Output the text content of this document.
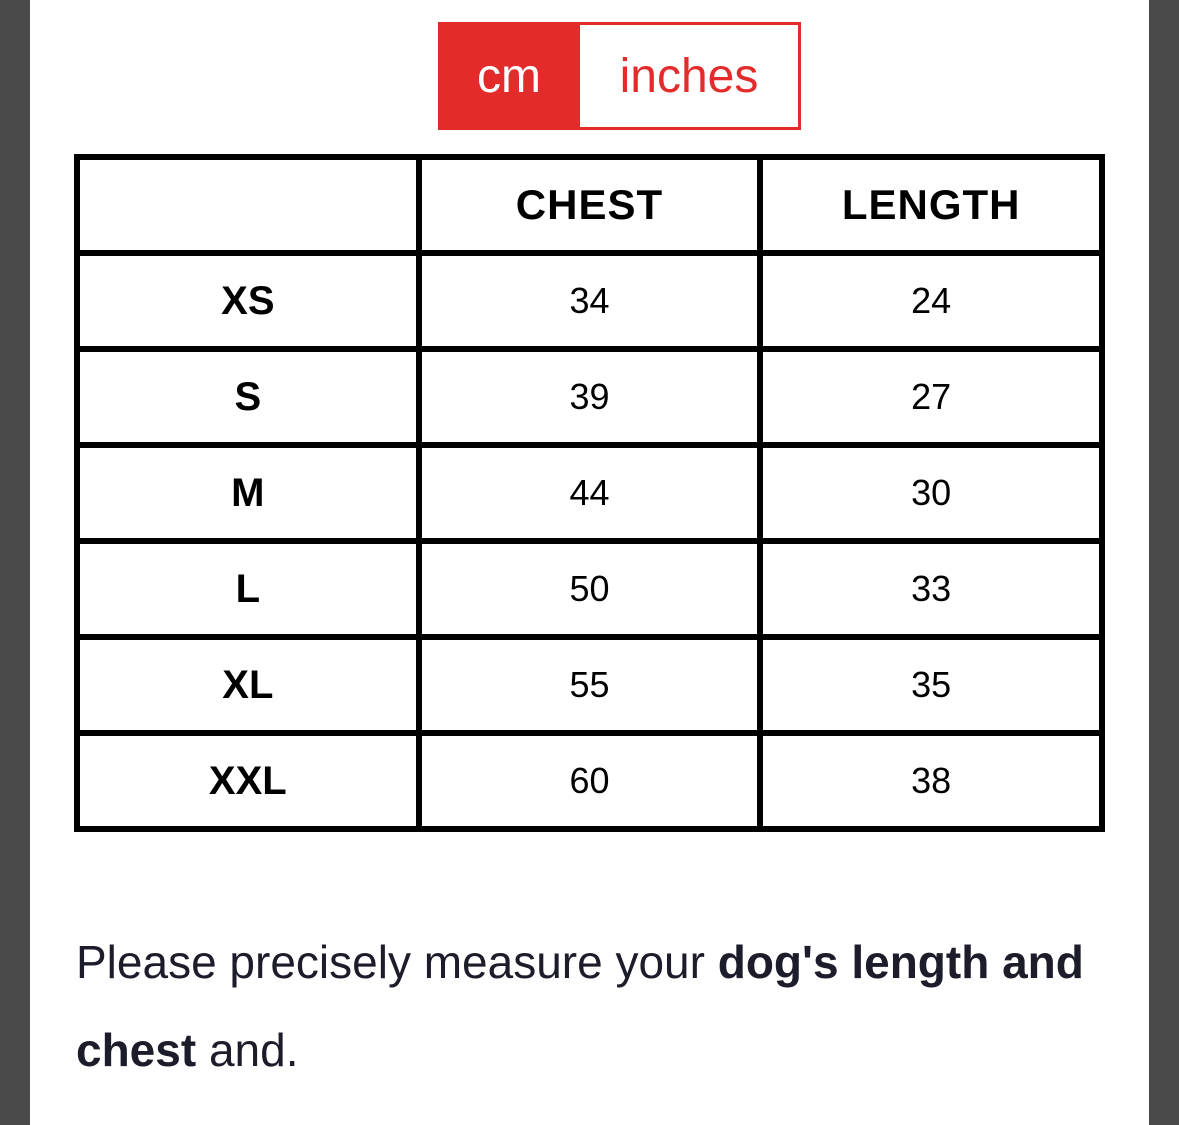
cm	inches
	CHEST	LENGTH
XS	34	24
S	39	27
M	44	30
L	50	33
XL	55	35
XXL	60	38
Please precisely measure your dog's length and chest and.
